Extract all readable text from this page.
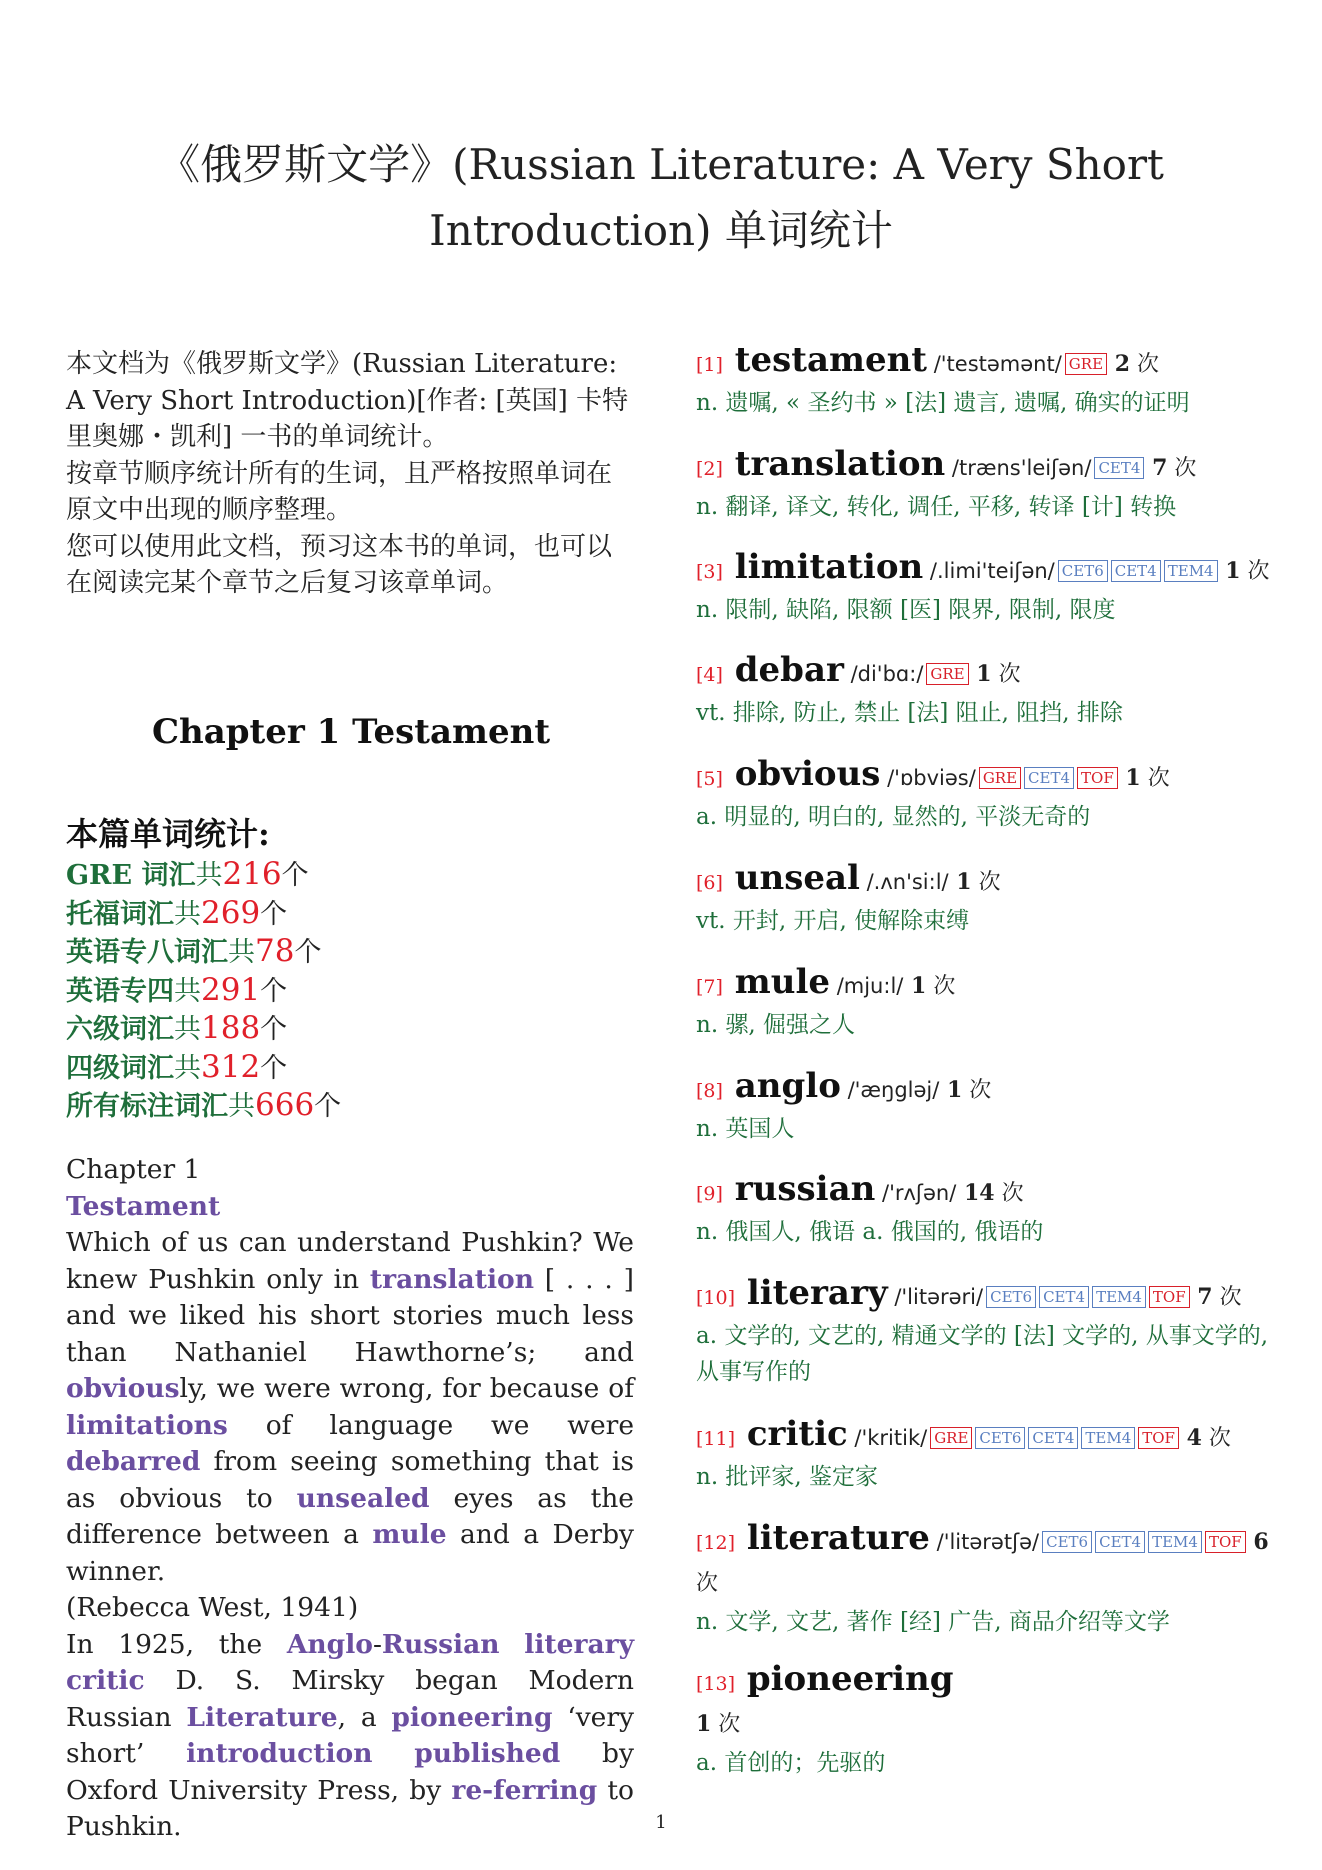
《俄罗斯文学》(Russian Literature: A Very Short Introduction) 单词统计

本文档为《俄罗斯文学》(Russian Literature: A Very Short Introduction)[作者: [英国] 卡特里奥娜・凯利] 一书的单词统计。

按章节顺序统计所有的生词，且严格按照单词在原文中出现的顺序整理。

您可以使用此文档，预习这本书的单词，也可以在阅读完某个章节之后复习该章单词。

Chapter 1 Testament
本篇单词统计:
GRE 词汇共216个
托福词汇共269个
英语专八词汇共78个
英语专四共291个
六级词汇共188个
四级词汇共312个
所有标注词汇共666个

Chapter 1

Testament

Which of us can understand Pushkin? We knew Pushkin only in translation [ . . . ] and we liked his short stories much less than Nathaniel Hawthorne’s; and obviously, we were wrong, for because of limitations of language we were debarred from seeing something that is as obvious to unsealed eyes as the difference between a mule and a Derby winner.

(Rebecca West, 1941)

In 1925, the Anglo-Russian literary critic D. S. Mirsky began Modern Russian Literature, a pioneering ‘very short’ introduction published by Oxford University Press, by re-ferring to Pushkin.

[1] testament /'testəmənt/ GRE 2 次
n. 遗嘱, « 圣约书 » [法] 遗言, 遗嘱, 确实的证明
[2] translation /træns'leiʃən/ CET4 7 次
n. 翻译, 译文, 转化, 调任, 平移, 转译 [计] 转换
[3] limitation /.limi'teiʃən/ CET6 CET4 TEM4 1 次
n. 限制, 缺陷, 限额 [医] 限界, 限制, 限度
[4] debar /di'bɑ:/ GRE 1 次
vt. 排除, 防止, 禁止 [法] 阻止, 阻挡, 排除
[5] obvious /'ɒbviəs/ GRE CET4 TOF 1 次
a. 明显的, 明白的, 显然的, 平淡无奇的
[6] unseal /.ʌn'si:l/ 1 次
vt. 开封, 开启, 使解除束缚
[7] mule /mju:l/ 1 次
n. 骡, 倔强之人
[8] anglo /'æŋgləj/ 1 次
n. 英国人
[9] russian /'rʌʃən/ 14 次
n. 俄国人, 俄语 a. 俄国的, 俄语的
[10] literary /'litərəri/ CET6 CET4 TEM4 TOF 7 次
a. 文学的, 文艺的, 精通文学的 [法] 文学的, 从事文学的, 从事写作的
[11] critic /'kritik/ GRE CET6 CET4 TEM4 TOF 4 次
n. 批评家, 鉴定家
[12] literature /'litərətʃə/ CET6 CET4 TEM4 TOF 6 次
n. 文学, 文艺, 著作 [经] 广告, 商品介绍等文学
[13] pioneering
1 次
a. 首创的；先驱的
1
